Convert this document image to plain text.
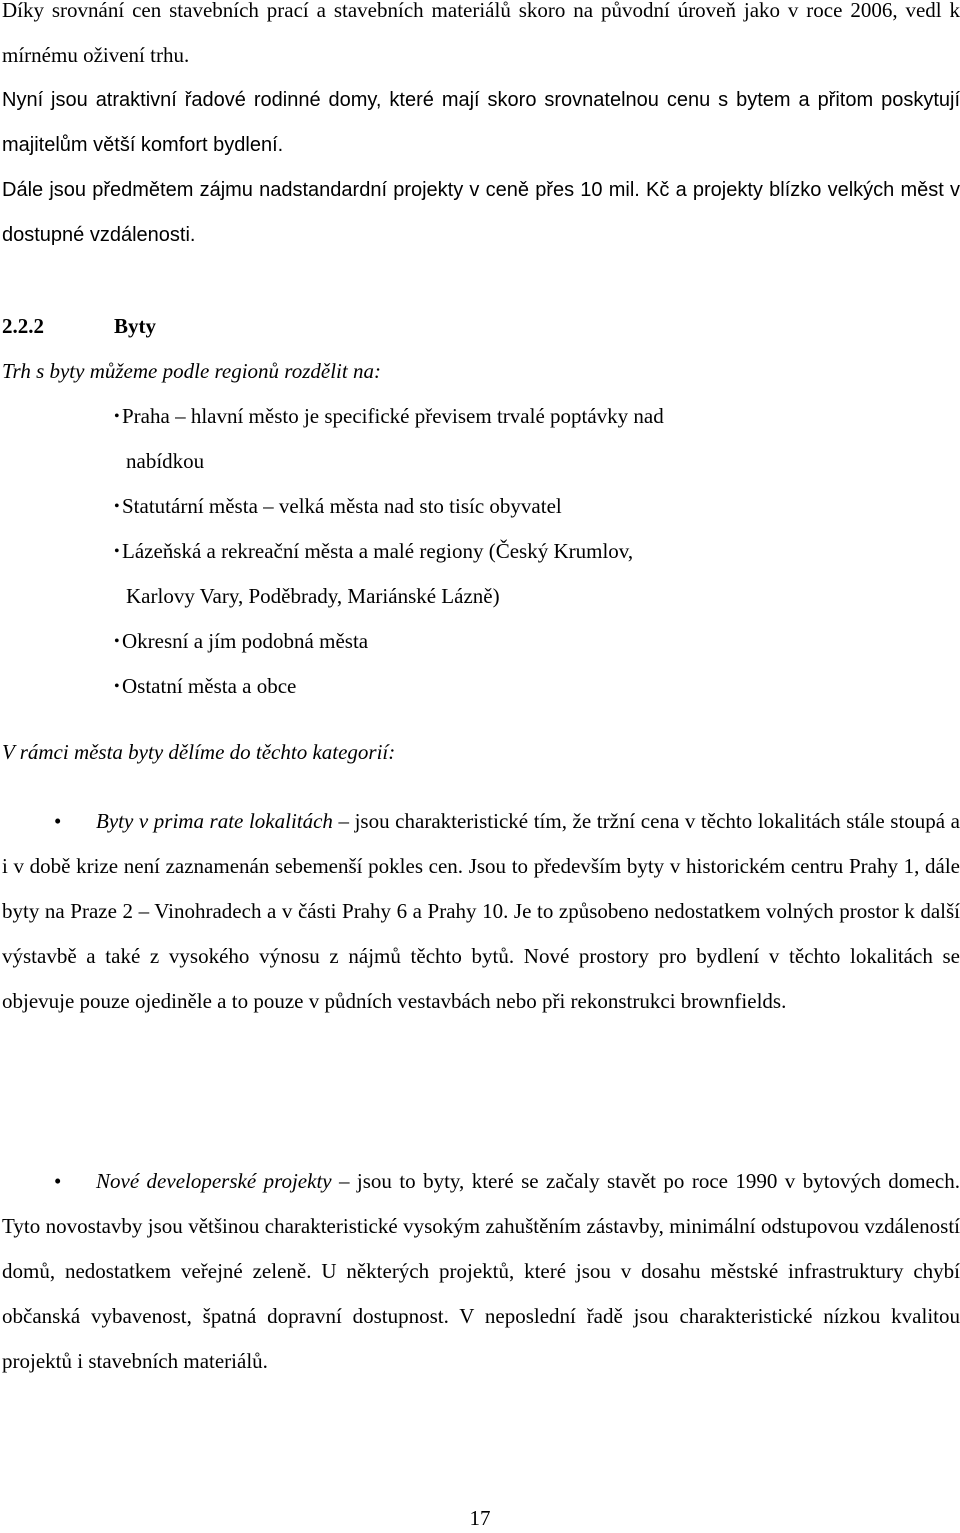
Díky srovnání cen stavebních prací a stavebních materiálů skoro na původní úroveň jako v roce 2006, vedl k mírnému oživení trhu.

Nyní jsou atraktivní řadové rodinné domy, které mají skoro srovnatelnou cenu s bytem a přitom poskytují majitelům větší komfort bydlení.

Dále jsou předmětem zájmu nadstandardní projekty v ceně přes 10 mil. Kč a projekty blízko velkých měst v dostupné vzdálenosti.

2.2.2	Byty

Trh s byty můžeme podle regionů rozdělit na:

Praha – hlavní město je specifické převisem trvalé poptávky nad
nabídkou
Statutární města – velká města nad sto tisíc obyvatel
Lázeňská a rekreační města a malé regiony (Český Krumlov,
Karlovy Vary, Poděbrady, Mariánské Lázně)
Okresní a jím podobná města
Ostatní města a obce

V rámci města byty dělíme do těchto kategorií:

• Byty v prima rate lokalitách – jsou charakteristické tím, že tržní cena v těchto lokalitách stále stoupá a i v době krize není zaznamenán sebemenší pokles cen. Jsou to především byty v historickém centru Prahy 1, dále byty na Praze 2 – Vinohradech a v části Prahy 6 a Prahy 10. Je to způsobeno nedostatkem volných prostor k další výstavbě a také z vysokého výnosu z nájmů těchto bytů. Nové prostory pro bydlení v těchto lokalitách se objevuje pouze ojediněle a to pouze v půdních vestavbách nebo při rekonstrukci brownfields.

• Nové developerské projekty – jsou to byty, které se začaly stavět po roce 1990 v bytových domech. Tyto novostavby jsou většinou charakteristické vysokým zahuštěním zástavby, minimální odstupovou vzdáleností domů, nedostatkem veřejné zeleně. U některých projektů, které jsou v dosahu městské infrastruktury chybí občanská vybavenost, špatná dopravní dostupnost. V neposlední řadě jsou charakteristické nízkou kvalitou projektů i stavebních materiálů.

17
